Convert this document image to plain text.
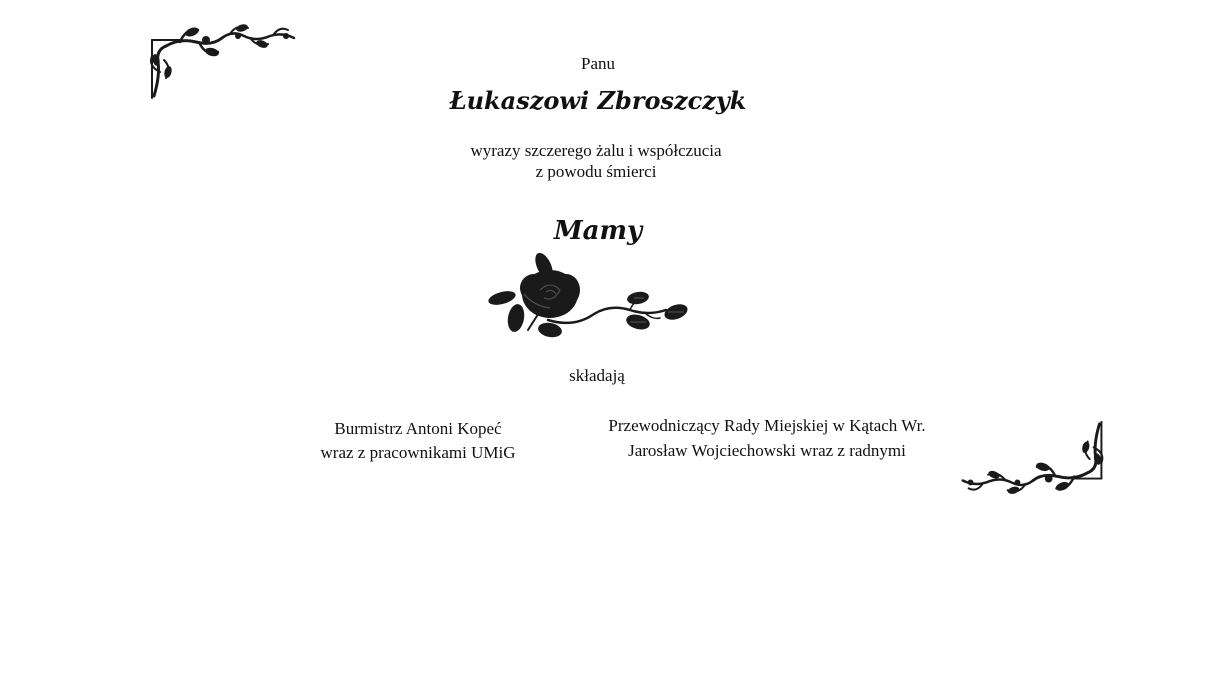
Panu
Łukaszowi Zbroszczyk
wyrazy szczerego żalu i współczucia
z powodu śmierci
Mamy
składają
Burmistrz Antoni Kopeć
wraz z pracownikami UMiG
Przewodniczący Rady Miejskiej w Kątach Wr.
Jarosław Wojciechowski wraz z radnymi
